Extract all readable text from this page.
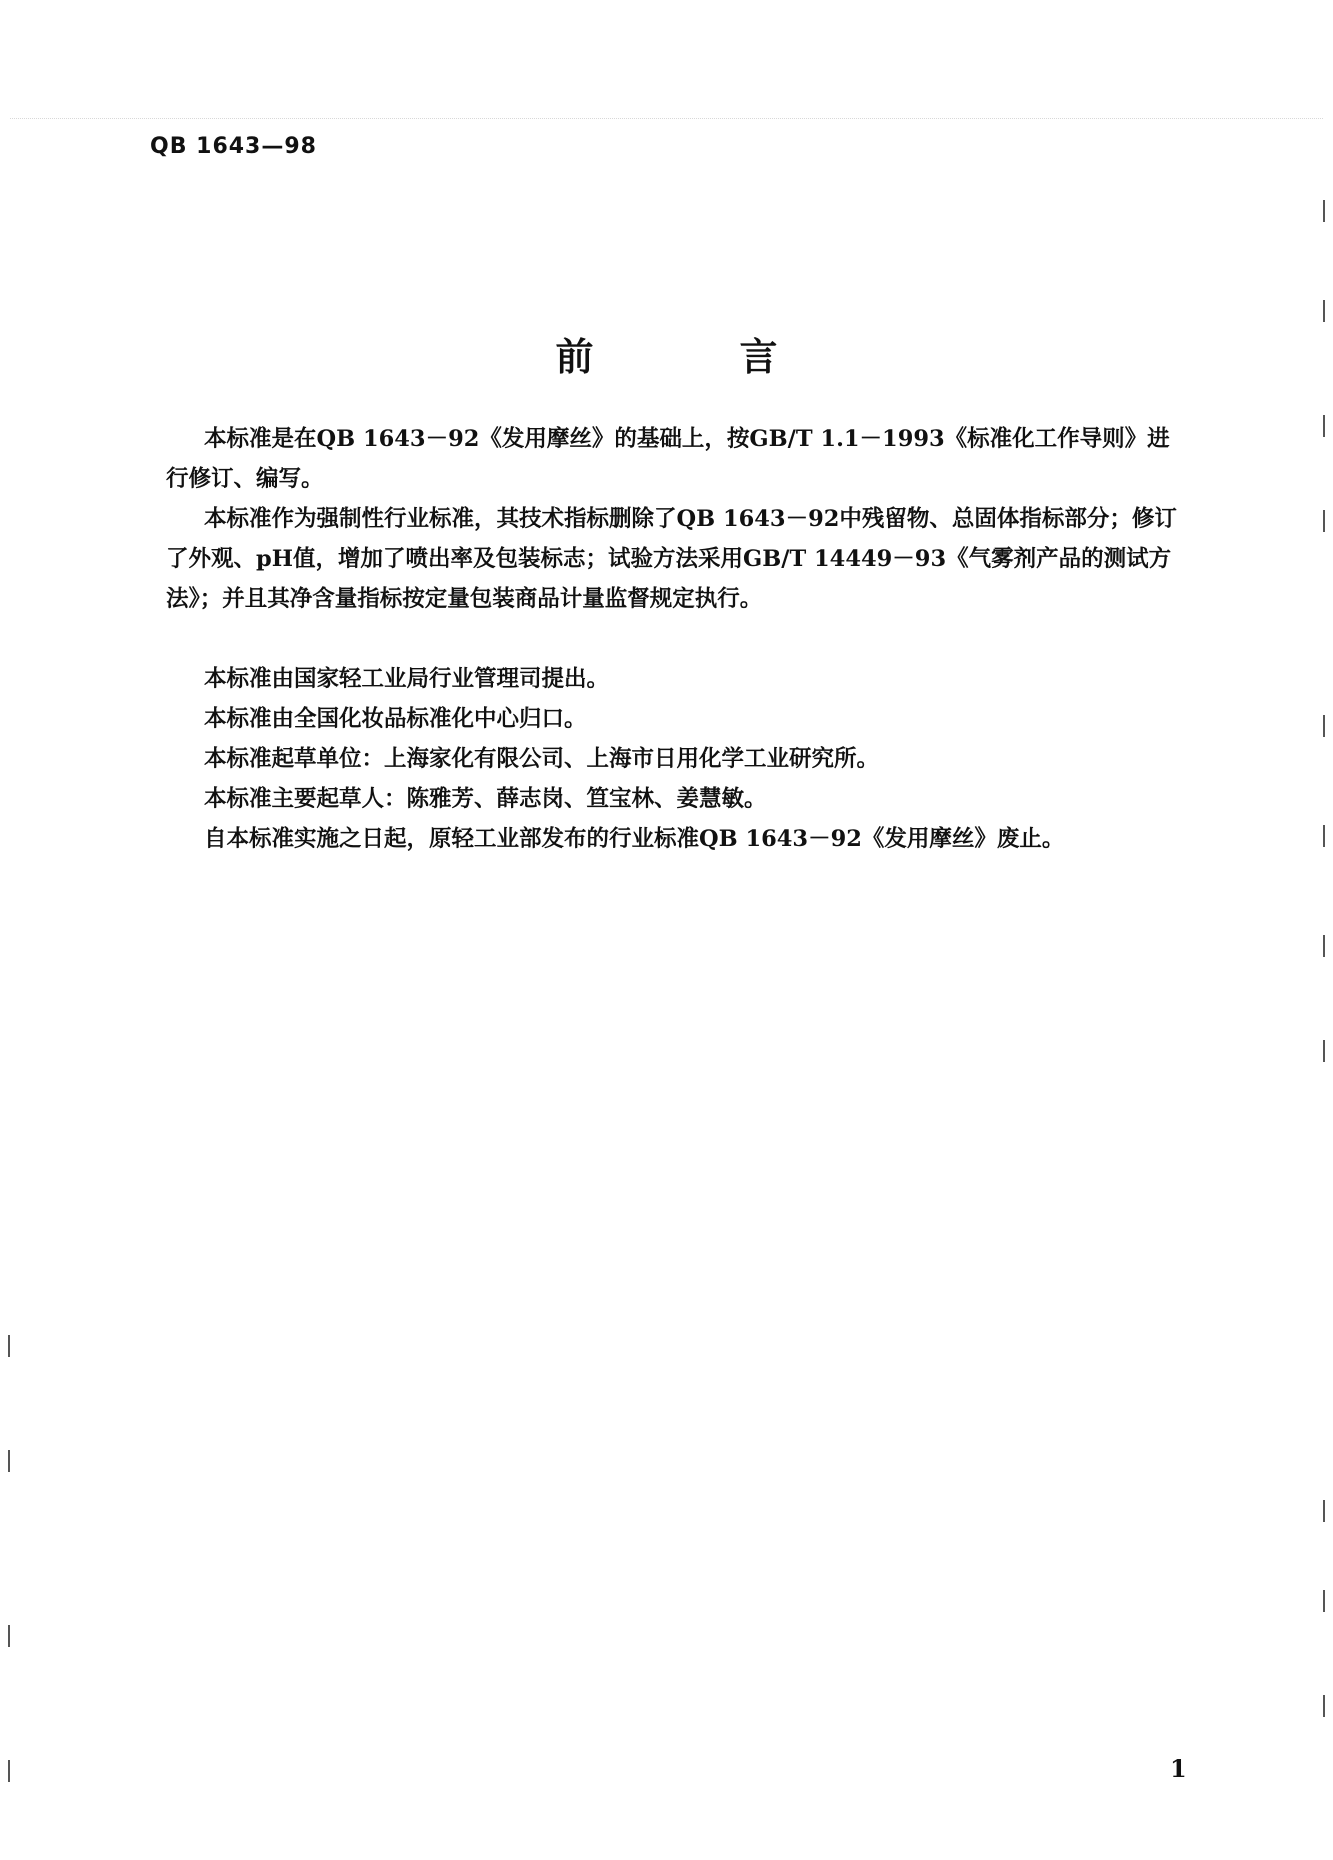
QB 1643—98
前　言

本标准是在QB 1643－92《发用摩丝》的基础上，按GB/T 1.1－1993《标准化工作导则》进行修订、编写。

本标准作为强制性行业标准，其技术指标删除了QB 1643－92中残留物、总固体指标部分；修订了外观、pH值，增加了喷出率及包装标志；试验方法采用GB/T 14449－93《气雾剂产品的测试方法》；并且其净含量指标按定量包装商品计量监督规定执行。

本标准由国家轻工业局行业管理司提出。

本标准由全国化妆品标准化中心归口。

本标准起草单位：上海家化有限公司、上海市日用化学工业研究所。

本标准主要起草人：陈雅芳、薛志岗、笪宝林、姜慧敏。

自本标准实施之日起，原轻工业部发布的行业标准QB 1643－92《发用摩丝》废止。

1
